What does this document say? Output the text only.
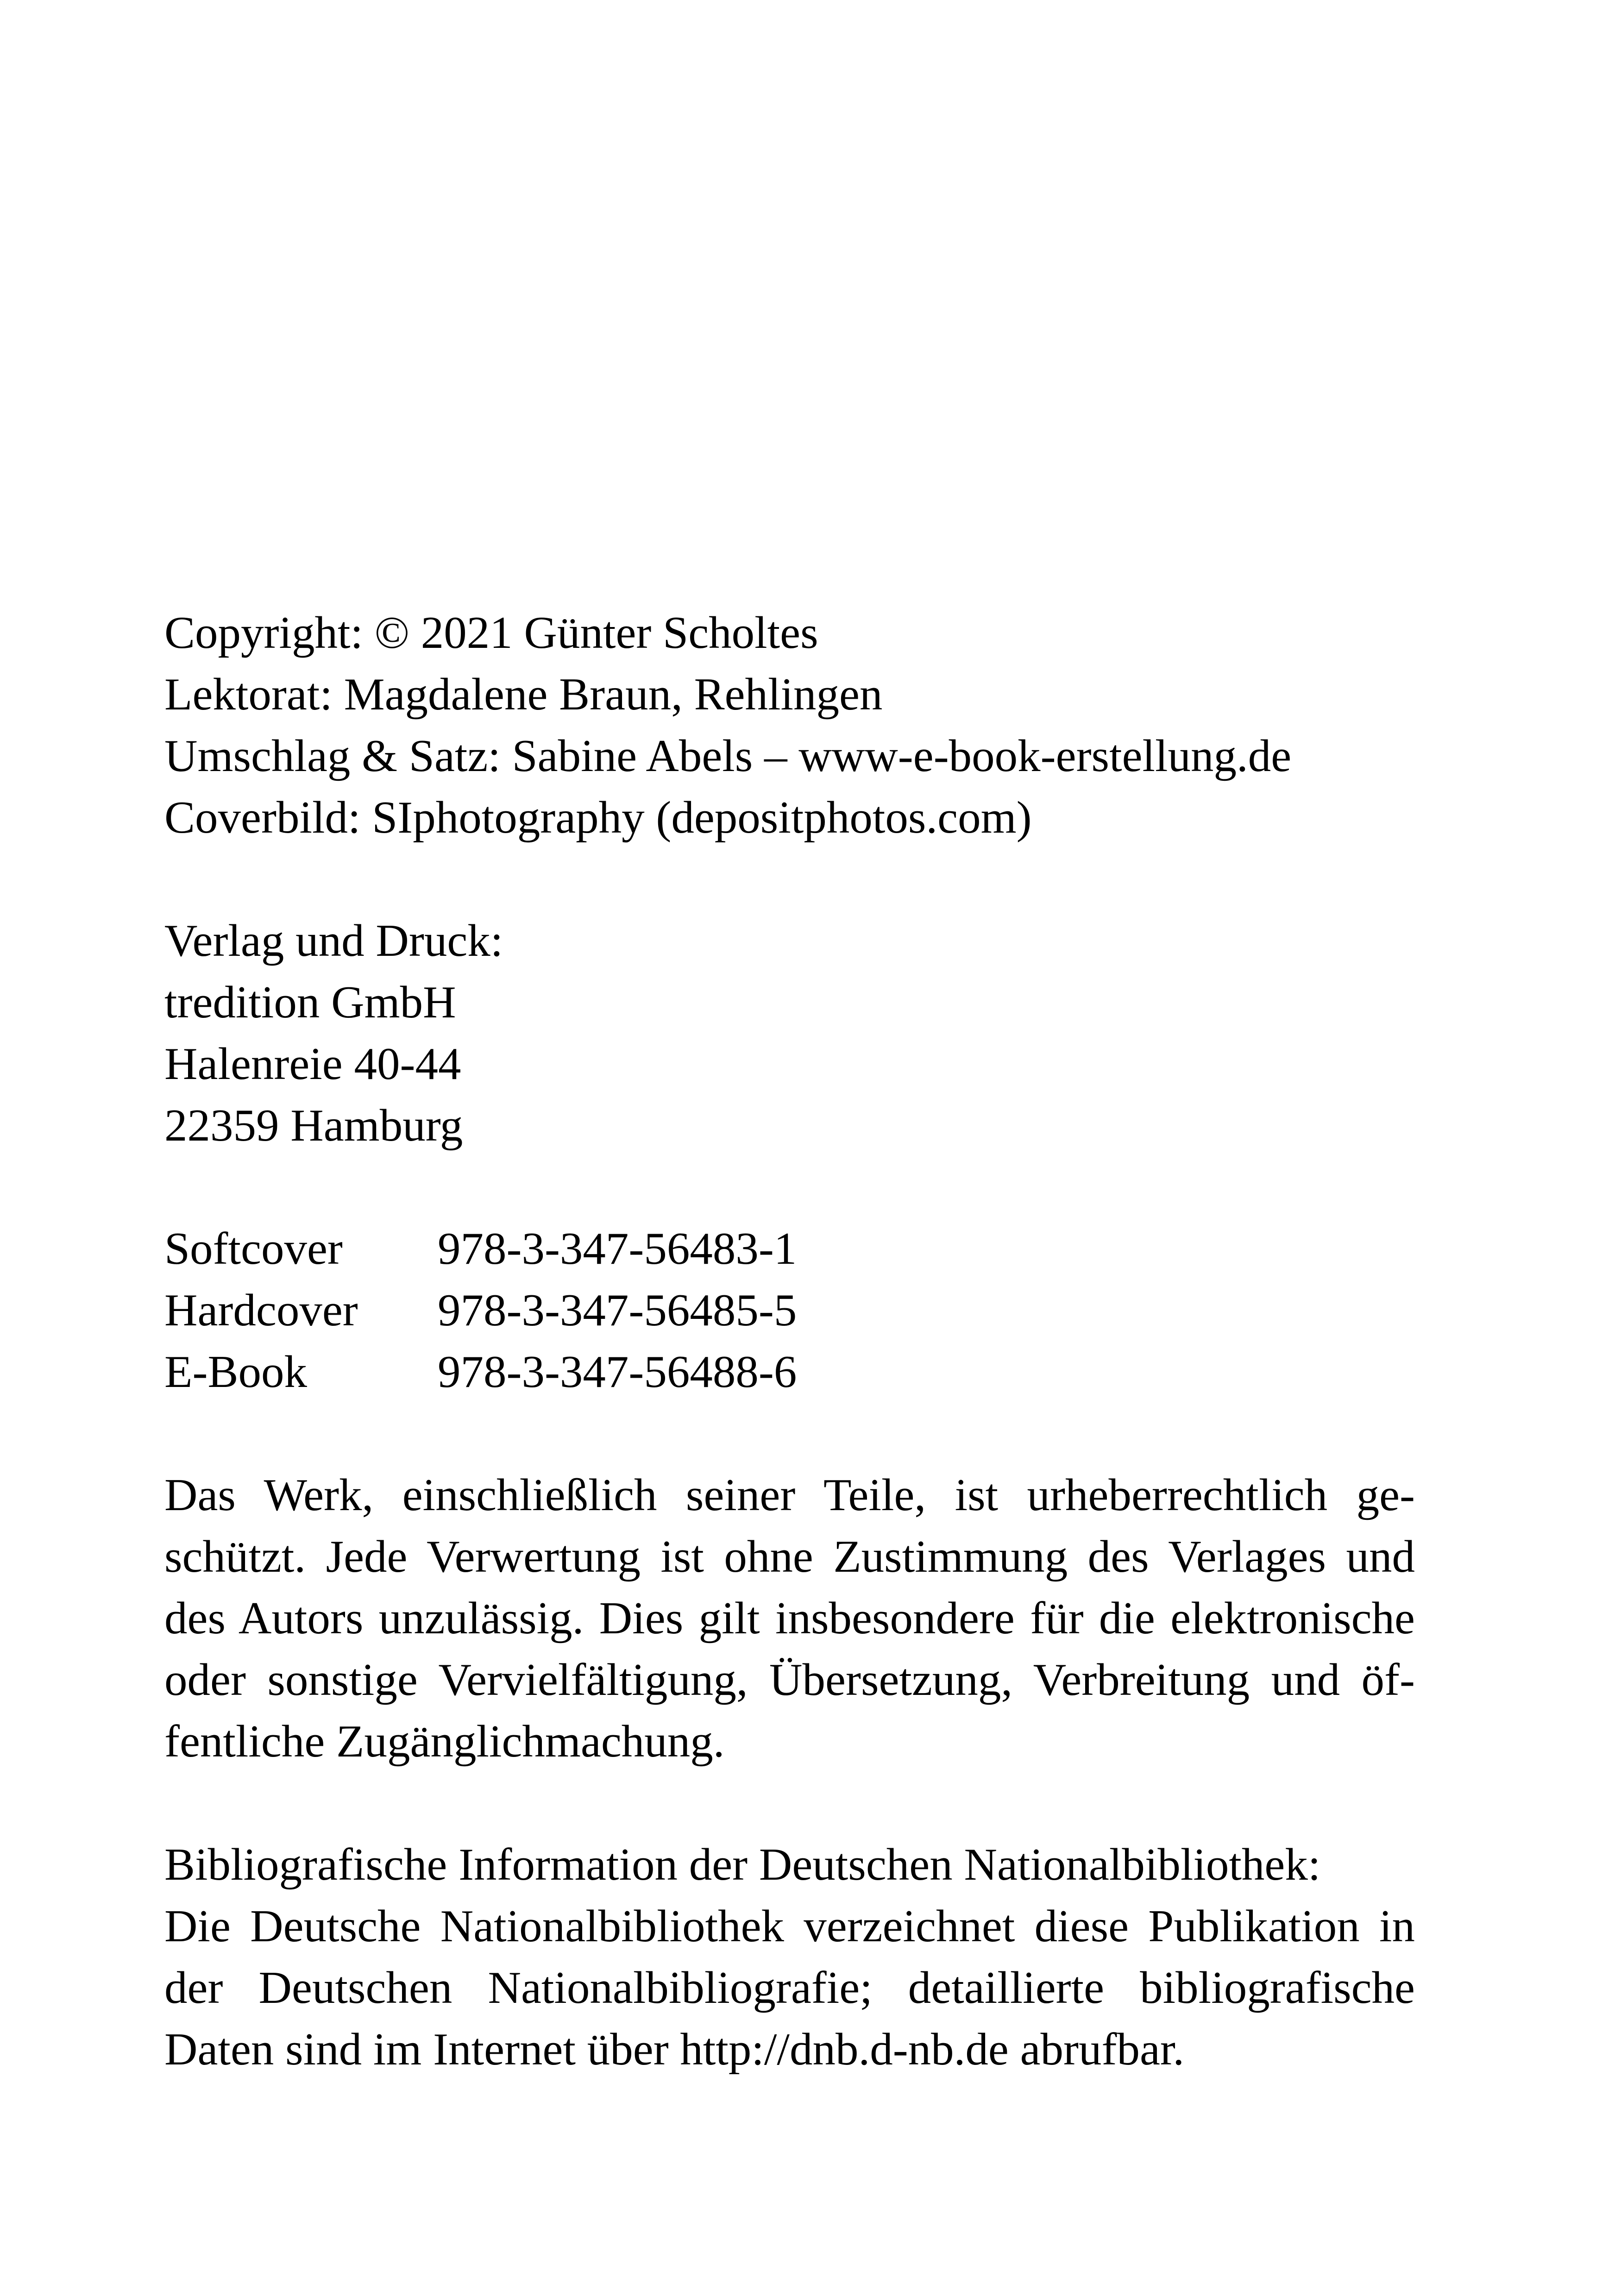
Copyright: © 2021 Günter Scholtes
Lektorat: Magdalene Braun, Rehlingen
Umschlag & Satz: Sabine Abels – www-e-book-erstellung.de
Coverbild: SIphotography (depositphotos.com)
Verlag und Druck:
tredition GmbH
Halenreie 40-44
22359 Hamburg
Softcover	978-3-347-56483-1
Hardcover	978-3-347-56485-5
E-Book	978-3-347-56488-6
Das Werk, einschließlich seiner Teile, ist urheberrechtlich ge-
schützt. Jede Verwertung ist ohne Zustimmung des Verlages und
des Autors unzulässig. Dies gilt insbesondere für die elektronische
oder sonstige Vervielfältigung, Übersetzung, Verbreitung und öf-
fentliche Zugänglichmachung.
Bibliografische Information der Deutschen Nationalbibliothek:
Die Deutsche Nationalbibliothek verzeichnet diese Publikation in
der Deutschen Nationalbibliografie; detaillierte bibliografische
Daten sind im Internet über http://dnb.d-nb.de abrufbar.
